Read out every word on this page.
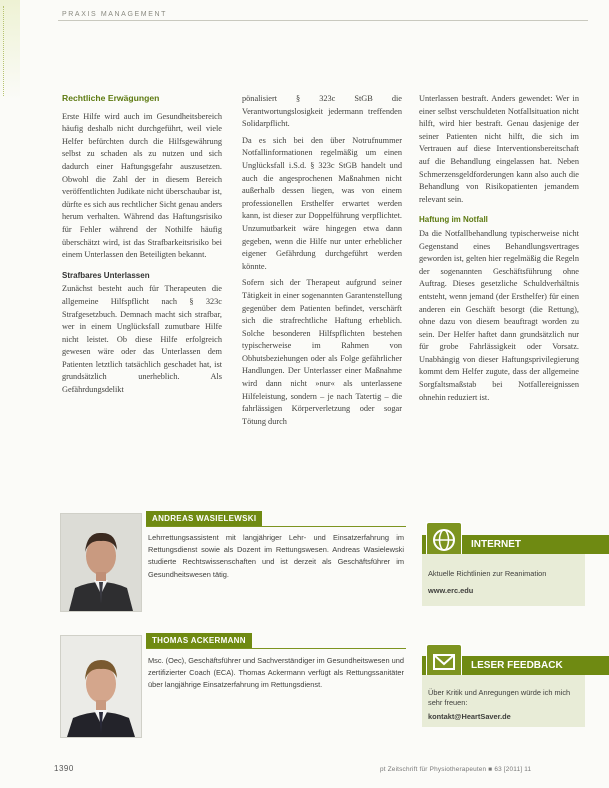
PRAXIS MANAGEMENT
Rechtliche Erwägungen

Erste Hilfe wird auch im Gesundheitsbereich häufig deshalb nicht durchgeführt, weil viele Helfer befürchten durch die Hilfsgewährung selbst zu schaden als zu nutzen und sich dadurch einer Haftungsgefahr auszusetzen. Obwohl die Zahl der in diesem Bereich veröffentlichten Judikate nicht überschaubar ist, dürfte es sich aus rechtlicher Sicht genau anders herum verhalten. Während das Haftungsrisiko für Fehler während der Nothilfe häufig überschätzt wird, ist das Strafbarkeitsrisiko bei einem Unterlassen den Beteiligten bekannt.

Strafbares Unterlassen

Zunächst besteht auch für Therapeuten die allgemeine Hilfspflicht nach § 323c Strafgesetzbuch. Demnach macht sich strafbar, wer in einem Unglücksfall zumutbare Hilfe nicht leistet. Ob diese Hilfe erfolgreich gewesen wäre oder das Unterlassen dem Patienten letztlich tatsächlich geschadet hat, ist grundsätzlich unerheblich. Als Gefährdungsdelikt

pönalisiert § 323c StGB die Verantwortungslosigkeit jedermann treffenden Solidarpflicht.

Da es sich bei den über Notrufnummer Notfallinformationen regelmäßig um einen Unglücksfall i.S.d. § 323c StGB handelt und auch die angesprochenen Maßnahmen nicht außerhalb dessen liegen, was von einem professionellen Ersthelfer erwartet werden kann, ist dieser zur Doppelführung verpflichtet. Unzumutbarkeit wäre hingegen etwa dann gegeben, wenn die Hilfe nur unter erheblicher eigener Gefährdung durchgeführt werden könnte.

Sofern sich der Therapeut aufgrund seiner Tätigkeit in einer sogenannten Garantenstellung gegenüber dem Patienten befindet, verschärft sich die strafrechtliche Haftung erheblich. Solche besonderen Hilfspflichten bestehen typischerweise im Rahmen von Obhutsbeziehungen oder als Folge gefährlicher Handlungen. Der Unterlasser einer Maßnahme wird dann nicht »nur« als unterlassene Hilfeleistung, sondern – je nach Tatertig – die fahrlässigen Körperverletzung oder sogar Tötung durch

Unterlassen bestraft. Anders gewendet: Wer in einer selbst verschuldeten Notfallsituation nicht hilft, wird hier bestraft. Genau dasjenige der seiner Patienten nicht hilft, die sich im Vertrauen auf diese Interventionsbereitschaft auf die Behandlung eingelassen hat. Neben Schmerzensgeldforderungen kann also auch die Behandlung von Risikopatienten jemandem relevant sein.

Haftung im Notfall

Da die Notfallbehandlung typischerweise nicht Gegenstand eines Behandlungsvertrages geworden ist, gelten hier regelmäßig die Regeln der sogenannten Geschäftsführung ohne Auftrag. Dieses gesetzliche Schuldverhältnis entsteht, wenn jemand (der Ersthelfer) für einen anderen ein Geschäft besorgt (die Rettung), ohne dazu von diesem beauftragt worden zu sein. Der Helfer haftet dann grundsätzlich nur für grobe Fahrlässigkeit oder Vorsatz. Unabhängig von dieser Haftungsprivilegierung kommt dem Helfer zugute, dass der allgemeine Sorgfaltsmaßstab bei Notfallereignissen ohnehin reduziert ist.

ANDREAS WASIELEWSKI
Lehrrettungsassistent mit langjähriger Lehr- und Einsatzerfahrung im Rettungsdienst sowie als Dozent im Rettungswesen. Andreas Wasielewski studierte Rechtswissenschaften und ist derzeit als Geschäftsführer im Gesundheitswesen tätig.
THOMAS ACKERMANN
Msc. (Oec), Geschäftsführer und Sachverständiger im Gesundheitswesen und zertifizierter Coach (ECA). Thomas Ackermann verfügt als Rettungssanitäter über langjährige Einsatzerfahrung im Rettungsdienst.
INTERNET
Aktuelle Richtlinien zur Reanimation
www.erc.edu
LESER FEEDBACK
Über Kritik und Anregungen würde ich mich sehr freuen:
kontakt@HeartSaver.de
1390	pt Zeitschrift für Physiotherapeuten ■ 63 [2011] 11
